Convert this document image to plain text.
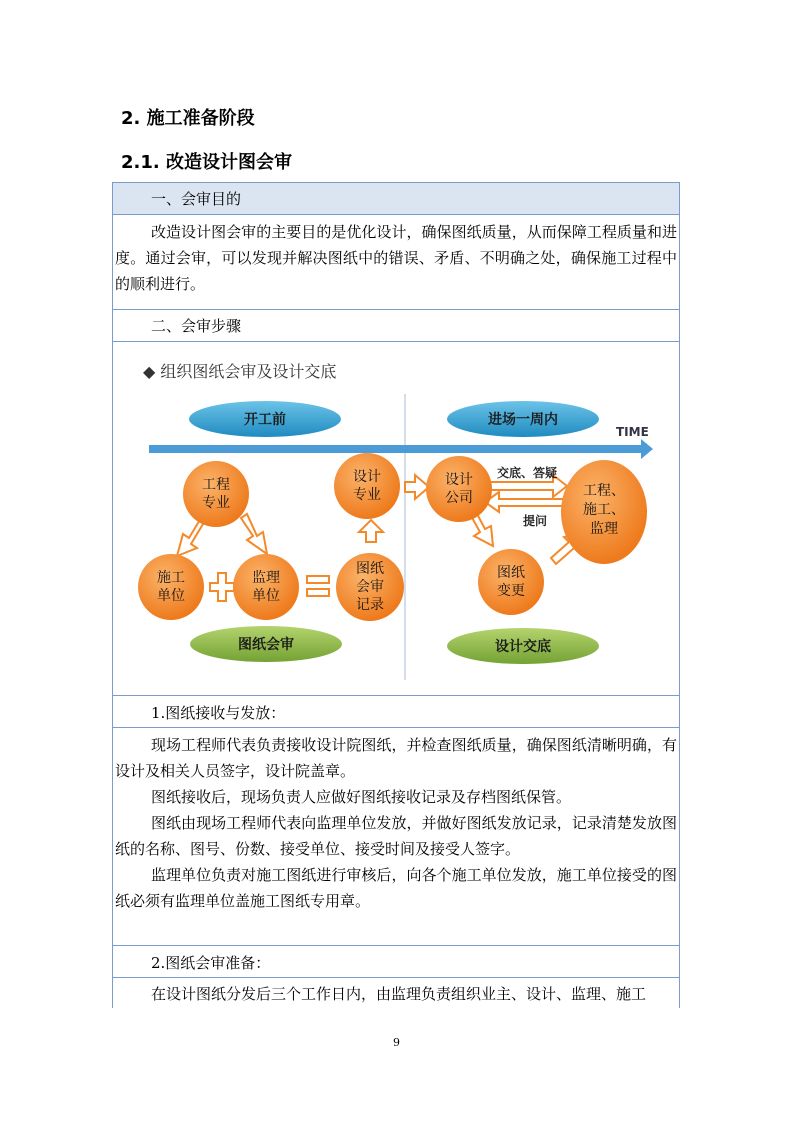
2. 施工准备阶段
2.1. 改造设计图会审
一、会审目的
改造设计图会审的主要目的是优化设计，确保图纸质量，从而保障工程质量和进度。通过会审，可以发现并解决图纸中的错误、矛盾、不明确之处，确保施工过程中的顺利进行。
二、会审步骤
◆ 组织图纸会审及设计交底
开工前	进场一周内
TIME
工程
专业
施工
单位
监理
单位
图纸
会审
记录
设计
专业
交底、答疑
提问
设计
公司	工程、
施工、
监理
图纸
变更
图纸会审	设计交底
1.图纸接收与发放：

现场工程师代表负责接收设计院图纸，并检查图纸质量，确保图纸清晰明确，有设计及相关人员签字，设计院盖章。

图纸接收后，现场负责人应做好图纸接收记录及存档图纸保管。

图纸由现场工程师代表向监理单位发放，并做好图纸发放记录，记录清楚发放图纸的名称、图号、份数、接受单位、接受时间及接受人签字。

监理单位负责对施工图纸进行审核后，向各个施工单位发放，施工单位接受的图纸必须有监理单位盖施工图纸专用章。

2.图纸会审准备：
在设计图纸分发后三个工作日内，由监理负责组织业主、设计、监理、施工
9
